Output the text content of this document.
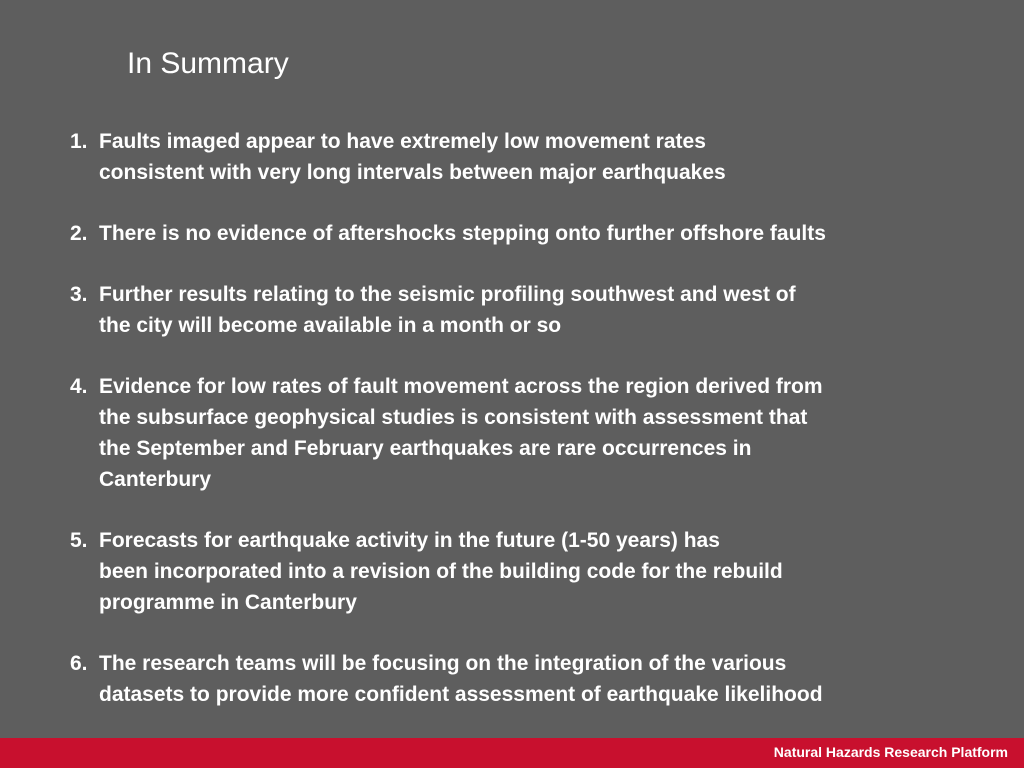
In Summary
1. Faults imaged appear to have extremely low movement rates
consistent with very long intervals between major earthquakes
2. There is no evidence of aftershocks stepping onto further offshore faults
3. Further results relating to the seismic profiling southwest and west of
the city will become available in a month or so
4. Evidence for low rates of fault movement across the region derived from
the subsurface geophysical studies is consistent with assessment that
the September and February earthquakes are rare occurrences in
Canterbury
5. Forecasts for earthquake activity in the future (1-50 years) has
been incorporated into a revision of the building code for the rebuild
programme in Canterbury
6. The research teams will be focusing on the integration of the various
datasets to provide more confident assessment of earthquake likelihood
Natural Hazards Research Platform
